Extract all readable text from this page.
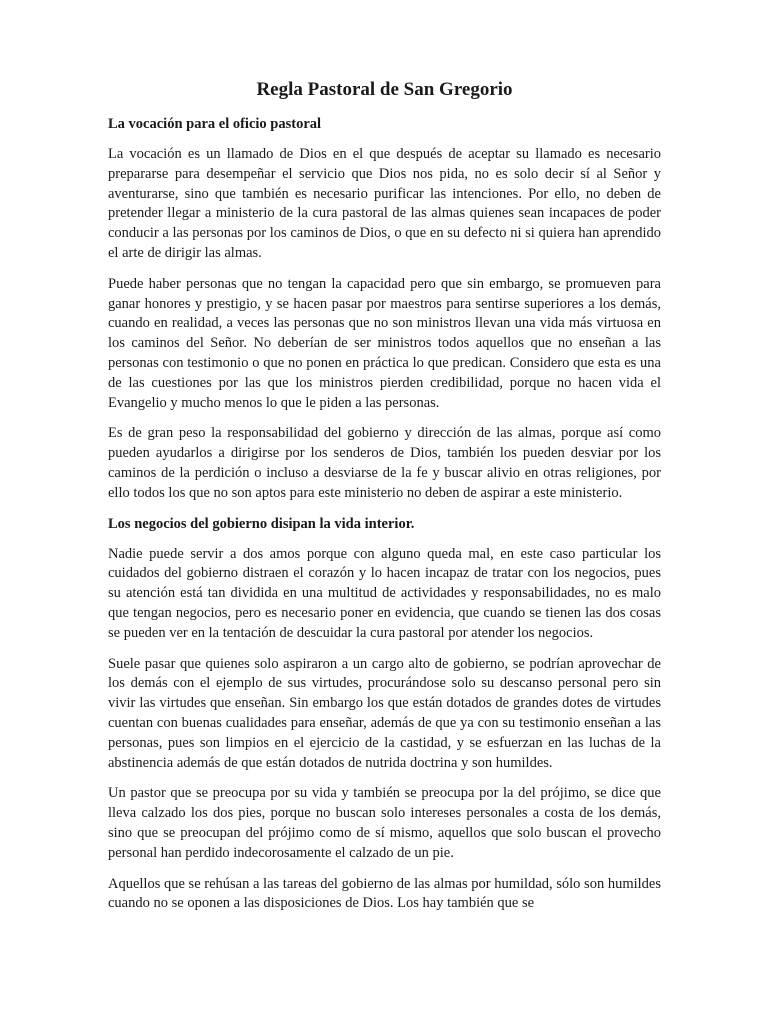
Regla Pastoral de San Gregorio
La vocación para el oficio pastoral

La vocación es un llamado de Dios en el que después de aceptar su llamado es necesario prepararse para desempeñar el servicio que Dios nos pida, no es solo decir sí al Señor y aventurarse, sino que también es necesario purificar las intenciones. Por ello, no deben de pretender llegar a ministerio de la cura pastoral de las almas quienes sean incapaces de poder conducir a las personas por los caminos de Dios, o que en su defecto ni si quiera han aprendido el arte de dirigir las almas.

Puede haber personas que no tengan la capacidad pero que sin embargo, se promueven para ganar honores y prestigio, y se hacen pasar por maestros para sentirse superiores a los demás, cuando en realidad, a veces las personas que no son ministros llevan una vida más virtuosa en los caminos del Señor. No deberían de ser ministros todos aquellos que no enseñan a las personas con testimonio o que no ponen en práctica lo que predican. Considero que esta es una de las cuestiones por las que los ministros pierden credibilidad, porque no hacen vida el Evangelio y mucho menos lo que le piden a las personas.

Es de gran peso la responsabilidad del gobierno y dirección de las almas, porque así como pueden ayudarlos a dirigirse por los senderos de Dios, también los pueden desviar por los caminos de la perdición o incluso a desviarse de la fe y buscar alivio en otras religiones, por ello todos los que no son aptos para este ministerio no deben de aspirar a este ministerio.

Los negocios del gobierno disipan la vida interior.

Nadie puede servir a dos amos porque con alguno queda mal, en este caso particular los cuidados del gobierno distraen el corazón y lo hacen incapaz de tratar con los negocios, pues su atención está tan dividida en una multitud de actividades y responsabilidades, no es malo que tengan negocios, pero es necesario poner en evidencia, que cuando se tienen las dos cosas se pueden ver en la tentación de descuidar la cura pastoral por atender los negocios.

Suele pasar que quienes solo aspiraron a un cargo alto de gobierno, se podrían aprovechar de los demás con el ejemplo de sus virtudes, procurándose solo su descanso personal pero sin vivir las virtudes que enseñan. Sin embargo los que están dotados de grandes dotes de virtudes cuentan con buenas cualidades para enseñar, además de que ya con su testimonio enseñan a las personas, pues son limpios en el ejercicio de la castidad, y se esfuerzan en las luchas de la abstinencia además de que están dotados de nutrida doctrina y son humildes.

Un pastor que se preocupa por su vida y también se preocupa por la del prójimo, se dice que lleva calzado los dos pies, porque no buscan solo intereses personales a costa de los demás, sino que se preocupan del prójimo como de sí mismo, aquellos que solo buscan el provecho personal han perdido indecorosamente el calzado de un pie.

Aquellos que se rehúsan a las tareas del gobierno de las almas por humildad, sólo son humildes cuando no se oponen a las disposiciones de Dios. Los hay también que se
